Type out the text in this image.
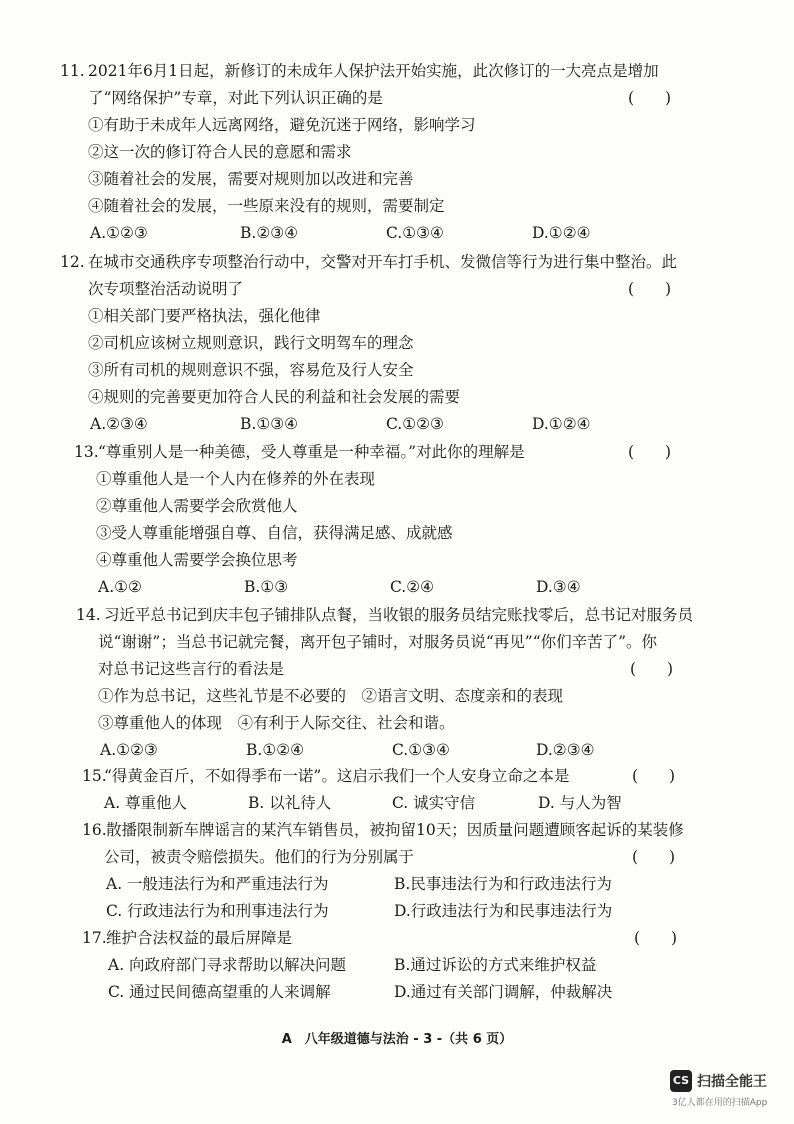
11. 2021年6月1日起，新修订的未成年人保护法开始实施，此次修订的一大亮点是增加
了“网络保护”专章，对此下列认识正确的是	(　　)
①有助于未成年人远离网络，避免沉迷于网络，影响学习
②这一次的修订符合人民的意愿和需求
③随着社会的发展，需要对规则加以改进和完善
④随着社会的发展，一些原来没有的规则，需要制定
A.①②③	B.②③④	C.①③④	D.①②④
12. 在城市交通秩序专项整治行动中，交警对开车打手机、发微信等行为进行集中整治。此
次专项整治活动说明了	(　　)
①相关部门要严格执法，强化他律
②司机应该树立规则意识，践行文明驾车的理念
③所有司机的规则意识不强，容易危及行人安全
④规则的完善要更加符合人民的利益和社会发展的需要
A.②③④	B.①③④	C.①②③	D.①②④
13. “尊重别人是一种美德，受人尊重是一种幸福。”对此你的理解是	(　　)
①尊重他人是一个人内在修养的外在表现
②尊重他人需要学会欣赏他人
③受人尊重能增强自尊、自信，获得满足感、成就感
④尊重他人需要学会换位思考
A.①②	B.①③	C.②④	D.③④
14. 习近平总书记到庆丰包子铺排队点餐，当收银的服务员结完账找零后，总书记对服务员
说“谢谢”；当总书记就完餐，离开包子铺时，对服务员说“再见”“你们辛苦了”。你
对总书记这些言行的看法是	(　　)
①作为总书记，这些礼节是不必要的　②语言文明、态度亲和的表现
③尊重他人的体现　④有利于人际交往、社会和谐。
A.①②③	B.①②④	C.①③④	D.②③④
15.
“得黄金百斤，不如得季布一诺”。这启示我们一个人安身立命之本是	(　　)
A. 尊重他人	B. 以礼待人	C. 诚实守信	D. 与人为智
16. 散播限制新车牌谣言的某汽车销售员，被拘留10天；因质量问题遭顾客起诉的某装修
公司，被责令赔偿损失。他们的行为分别属于	(　　)
A. 一般违法行为和严重违法行为	B.民事违法行为和行政违法行为
C. 行政违法行为和刑事违法行为	D.行政违法行为和民事违法行为
17. 维护合法权益的最后屏障是	(　　)
A. 向政府部门寻求帮助以解决问题	B.通过诉讼的方式来维护权益
C. 通过民间德高望重的人来调解	D.通过有关部门调解，仲裁解决
A　八年级道德与法治 - 3 -（共 6 页）
CS 扫描全能王
3亿人都在用的扫描App
